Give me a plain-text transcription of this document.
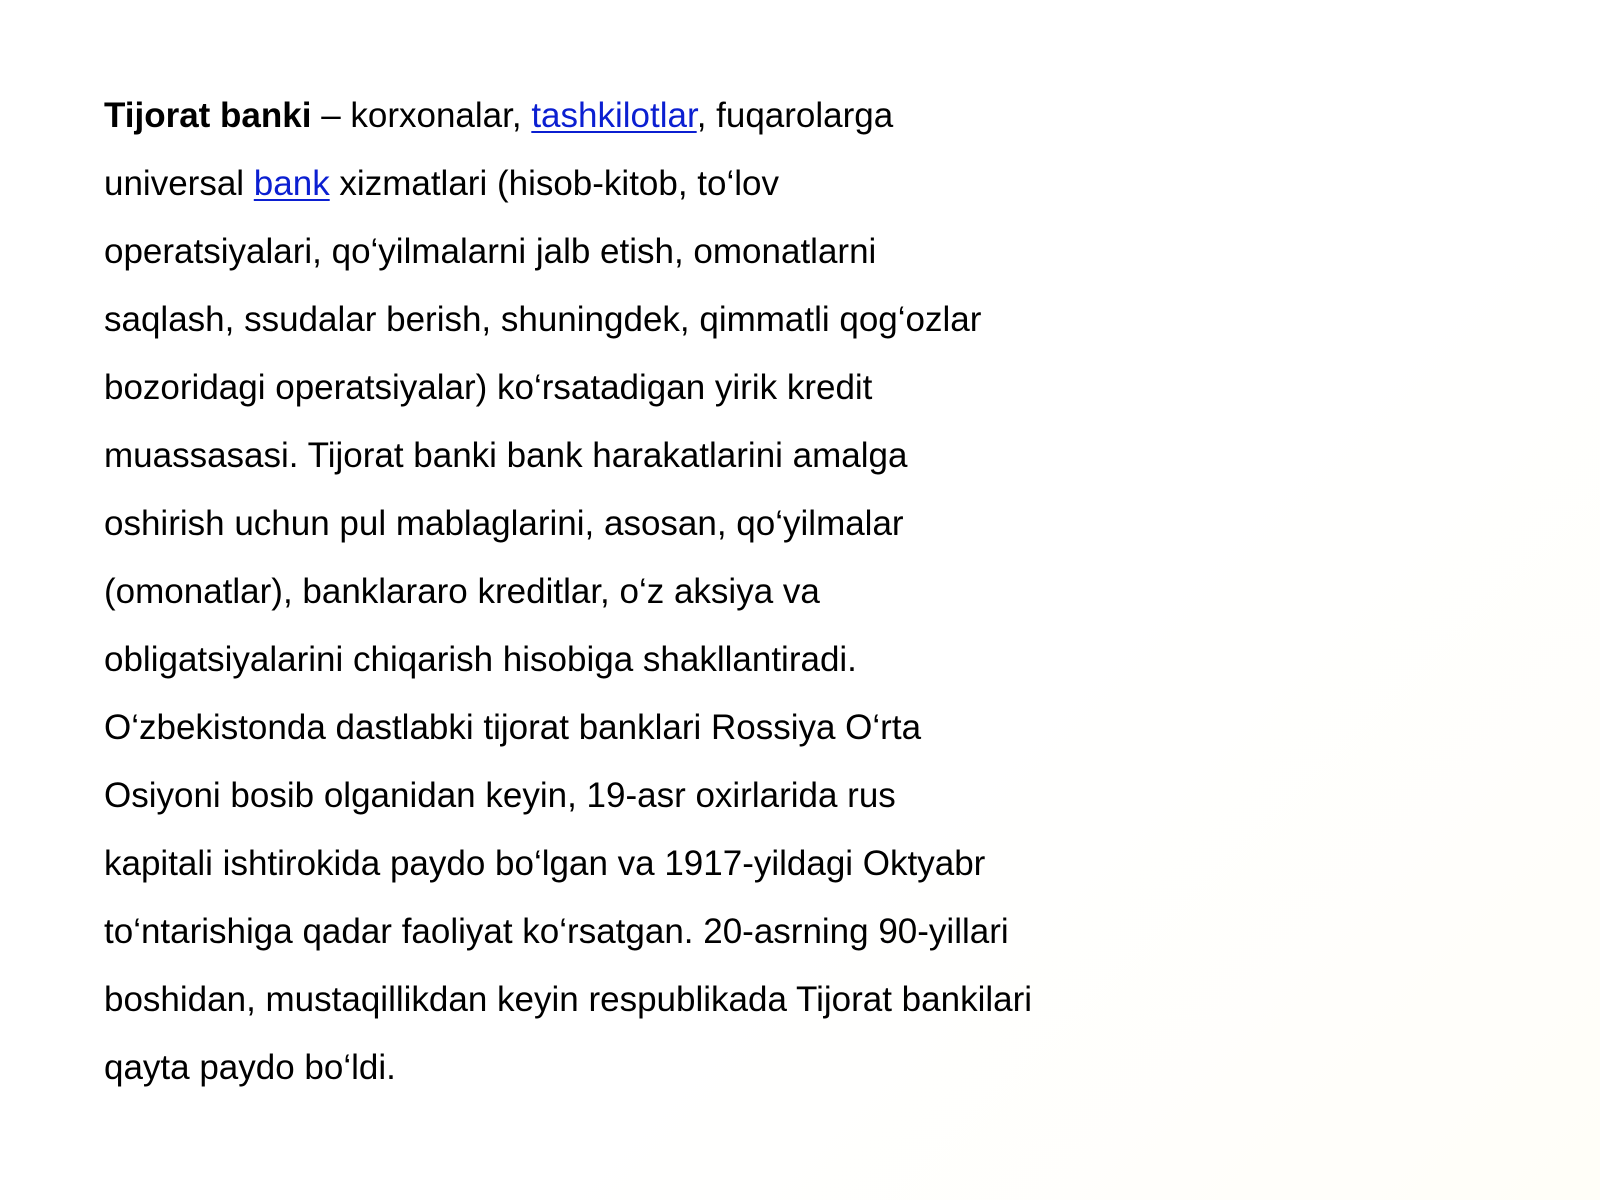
Tijorat banki – korxonalar, tashkilotlar, fuqarolarga
universal bank xizmatlari (hisob-kitob, to‘lov
operatsiyalari, qo‘yilmalarni jalb etish, omonatlarni
saqlash, ssudalar berish, shuningdek, qimmatli qog‘ozlar
bozoridagi operatsiyalar) ko‘rsatadigan yirik kredit
muassasasi. Tijorat banki bank harakatlarini amalga
oshirish uchun pul mablaglarini, asosan, qo‘yilmalar
(omonatlar), banklararo kreditlar, o‘z aksiya va
obligatsiyalarini chiqarish hisobiga shakllantiradi.
O‘zbekistonda dastlabki tijorat banklari Rossiya O‘rta
Osiyoni bosib olganidan keyin, 19-asr oxirlarida rus
kapitali ishtirokida paydo bo‘lgan va 1917-yildagi Oktyabr
to‘ntarishiga qadar faoliyat ko‘rsatgan. 20-asrning 90-yillari
boshidan, mustaqillikdan keyin respublikada Tijorat bankilari
qayta paydo bo‘ldi.
